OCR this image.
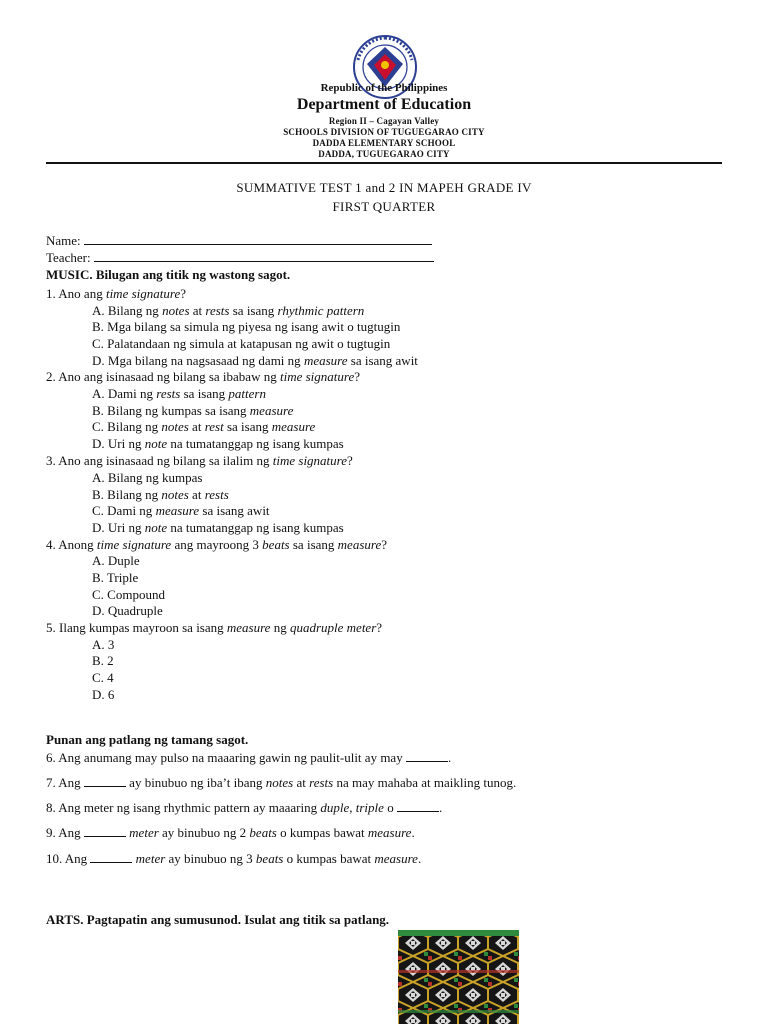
Republic of the Philippines
Department of Education
Region II – Cagayan Valley
SCHOOLS DIVISION OF TUGUEGARAO CITY
DADDA ELEMENTARY SCHOOL
DADDA, TUGUEGARAO CITY
SUMMATIVE TEST 1 and 2 IN MAPEH GRADE IV
FIRST QUARTER
Name:
Teacher:
MUSIC. Bilugan ang titik ng wastong sagot.
1. Ano ang time signature?
A. Bilang ng notes at rests sa isang rhythmic pattern
B. Mga bilang sa simula ng piyesa ng isang awit o tugtugin
C. Palatandaan ng simula at katapusan ng awit o tugtugin
D. Mga bilang na nagsasaad ng dami ng measure sa isang awit
2. Ano ang isinasaad ng bilang sa ibabaw ng time signature?
A. Dami ng rests sa isang pattern
B. Bilang ng kumpas sa isang measure
C. Bilang ng notes at rest sa isang measure
D. Uri ng note na tumatanggap ng isang kumpas
3. Ano ang isinasaad ng bilang sa ilalim ng time signature?
A. Bilang ng kumpas
B. Bilang ng notes at rests
C. Dami ng measure sa isang awit
D. Uri ng note na tumatanggap ng isang kumpas
4. Anong time signature ang mayroong 3 beats sa isang measure?
A. Duple
B. Triple
C. Compound
D. Quadruple
5. Ilang kumpas mayroon sa isang measure ng quadruple meter?
A. 3
B. 2
C. 4
D. 6
Punan ang patlang ng tamang sagot.
6. Ang anumang may pulso na maaaring gawin ng paulit-ulit ay may	.
7. Ang	ay binubuo ng iba’t ibang notes at rests na may mahaba at maikling tunog.
8. Ang meter ng isang rhythmic pattern ay maaaring duple, triple o	.
9. Ang	meter ay binubuo ng 2 beats o kumpas bawat measure.
10. Ang	meter ay binubuo ng 3 beats o kumpas bawat measure.
ARTS. Pagtapatin ang sumusunod. Isulat ang titik sa patlang.
